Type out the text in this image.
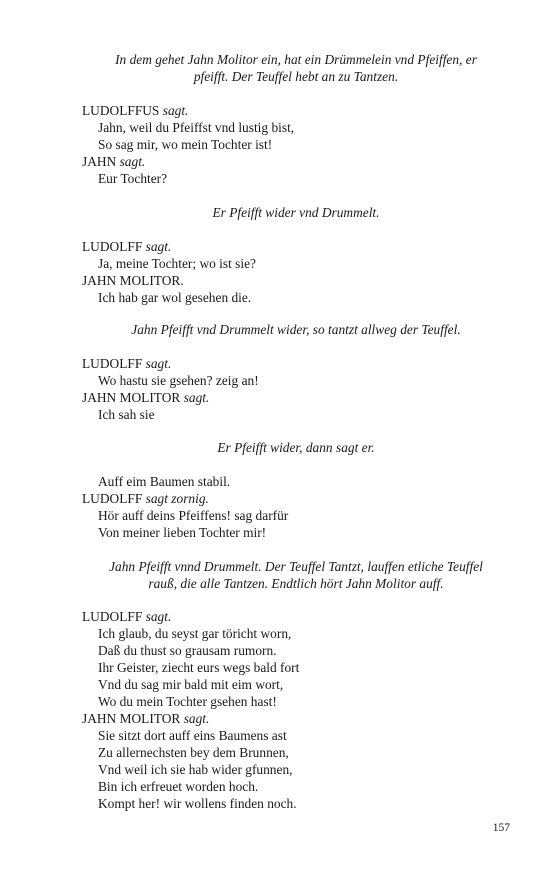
In dem gehet Jahn Molitor ein, hat ein Drümmelein vnd Pfeiffen, er
pfeifft. Der Teuffel hebt an zu Tantzen.
LUDOLFFUS sagt.
Jahn, weil du Pfeiffst vnd lustig bist,
So sag mir, wo mein Tochter ist!
JAHN sagt.
Eur Tochter?
Er Pfeifft wider vnd Drummelt.
LUDOLFF sagt.
Ja, meine Tochter; wo ist sie?
JAHN MOLITOR.
Ich hab gar wol gesehen die.
Jahn Pfeifft vnd Drummelt wider, so tantzt allweg der Teuffel.
LUDOLFF sagt.
Wo hastu sie gsehen? zeig an!
JAHN MOLITOR sagt.
Ich sah sie
Er Pfeifft wider, dann sagt er.
Auff eim Baumen stabil.
LUDOLFF sagt zornig.
Hör auff deins Pfeiffens! sag darfür
Von meiner lieben Tochter mir!
Jahn Pfeifft vnnd Drummelt. Der Teuffel Tantzt, lauffen etliche Teuffel
rauß, die alle Tantzen. Endtlich hört Jahn Molitor auff.
LUDOLFF sagt.
Ich glaub, du seyst gar töricht worn,
Daß du thust so grausam rumorn.
Ihr Geister, ziecht eurs wegs bald fort
Vnd du sag mir bald mit eim wort,
Wo du mein Tochter gsehen hast!
JAHN MOLITOR sagt.
Sie sitzt dort auff eins Baumens ast
Zu allernechsten bey dem Brunnen,
Vnd weil ich sie hab wider gfunnen,
Bin ich erfreuet worden hoch.
Kompt her! wir wollens finden noch.
157
